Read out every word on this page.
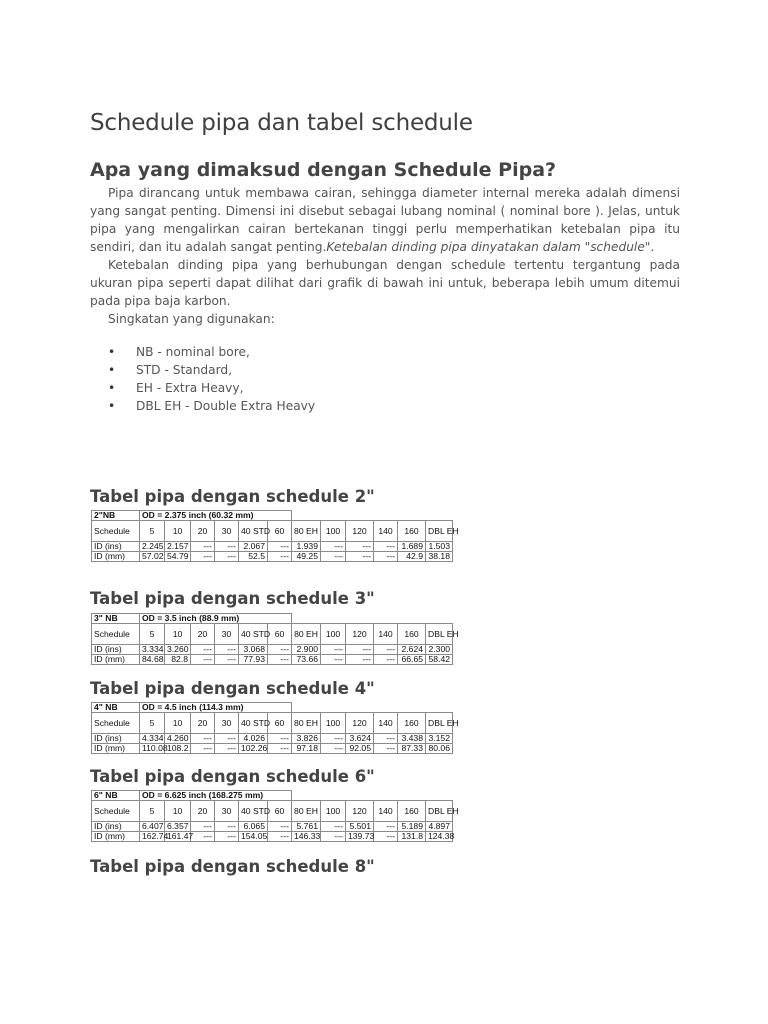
Schedule pipa dan tabel schedule
Apa yang dimaksud dengan Schedule Pipa?

Pipa dirancang untuk membawa cairan, sehingga diameter internal mereka adalah dimensi yang sangat penting. Dimensi ini disebut sebagai lubang nominal ( nominal bore ). Jelas, untuk pipa yang mengalirkan cairan bertekanan tinggi perlu memperhatikan ketebalan pipa itu sendiri, dan itu adalah sangat penting.Ketebalan dinding pipa dinyatakan dalam "schedule".

Ketebalan dinding pipa yang berhubungan dengan schedule tertentu tergantung pada ukuran pipa seperti dapat dilihat dari grafik di bawah ini untuk, beberapa lebih umum ditemui pada pipa baja karbon.

Singkatan yang digunakan:

• NB - nominal bore,
• STD - Standard,
• EH - Extra Heavy,
• DBL EH - Double Extra Heavy
Tabel pipa dengan schedule 2"
2"NB	OD = 2.375 inch (60.32 mm)											
Schedule	5	10	20	30	40 STD	60	80 EH	100	120	140	160	DBL EH
ID (ins)	2.245	2.157	---	---	2.067	---	1.939	---	---	---	1.689	1.503
ID (mm)	57.02	54.79	---	---	52.5	---	49.25	---	---	---	42.9	38.18
Tabel pipa dengan schedule 3"
3" NB	OD = 3.5 inch (88.9 mm)											
Schedule	5	10	20	30	40 STD	60	80 EH	100	120	140	160	DBL EH
ID (ins)	3.334	3.260	---	---	3.068	---	2.900	---	---	---	2.624	2.300
ID (mm)	84.68	82.8	---	---	77.93	---	73.66	---	---	---	66.65	58.42
Tabel pipa dengan schedule 4"
4" NB	OD = 4.5 inch (114.3 mm)											
Schedule	5	10	20	30	40 STD	60	80 EH	100	120	140	160	DBL EH
ID (ins)	4.334	4.260	---	---	4.026	---	3.826	---	3.624	---	3.438	3.152
ID (mm)	110.08	108.2	---	---	102.26	---	97.18	---	92.05	---	87.33	80.06
Tabel pipa dengan schedule 6"
6" NB	OD = 6.625 inch (168.275 mm)											
Schedule	5	10	20	30	40 STD	60	80 EH	100	120	140	160	DBL EH
ID (ins)	6.407	6.357	---	---	6.065	---	5.761	---	5.501	---	5.189	4.897
ID (mm)	162.74	161.47	---	---	154.05	---	146.33	---	139.73	---	131.8	124.38
Tabel pipa dengan schedule 8"
